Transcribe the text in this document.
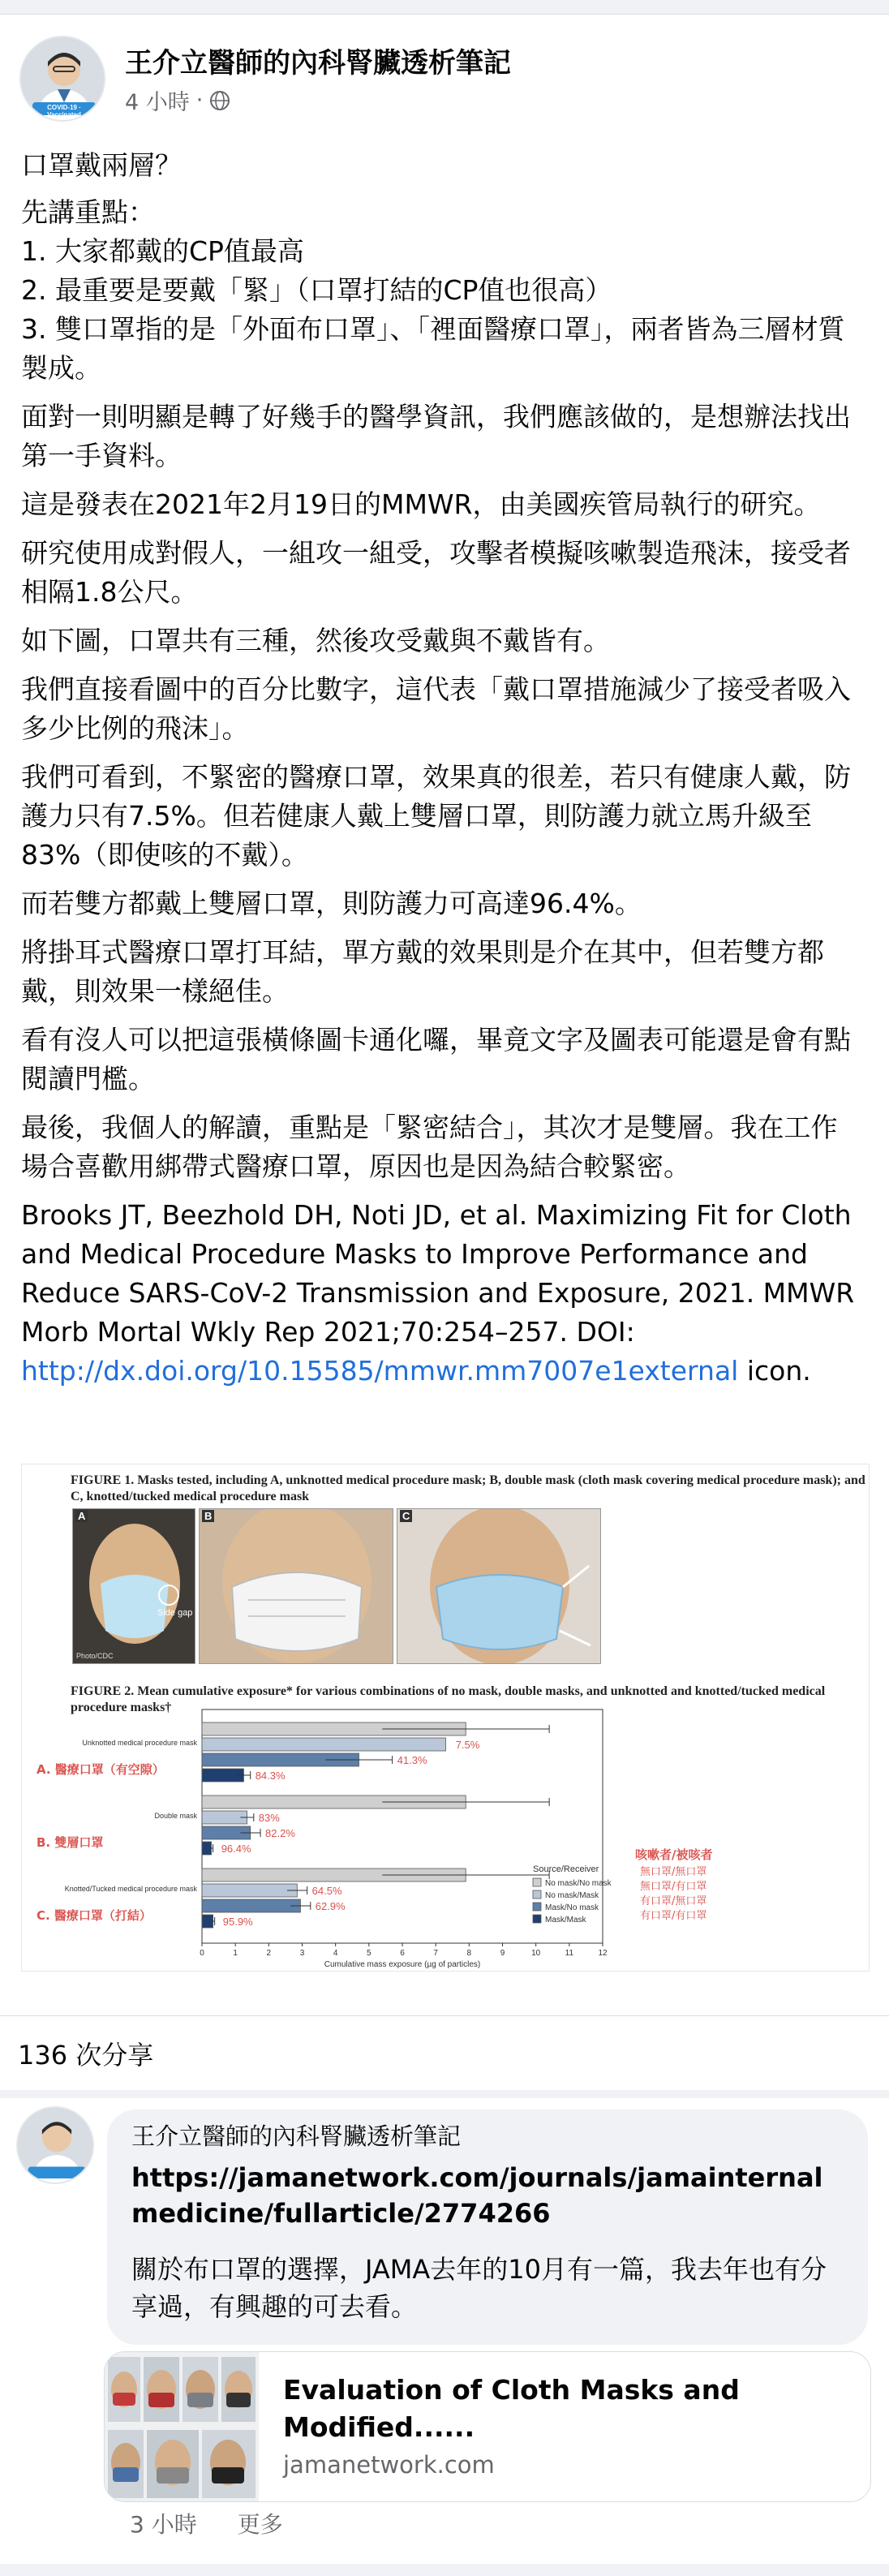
COVID-19 · Vaccinated
王介立醫師的內科腎臟透析筆記
4 小時 ·

口罩戴兩層？

先講重點：
1. 大家都戴的CP值最高
2. 最重要是要戴「緊」（口罩打結的CP值也很高）
3. 雙口罩指的是「外面布口罩」、「裡面醫療口罩」，兩者皆為三層材質製成。

面對一則明顯是轉了好幾手的醫學資訊，我們應該做的，是想辦法找出第一手資料。

這是發表在2021年2月19日的MMWR，由美國疾管局執行的研究。

研究使用成對假人，一組攻一組受，攻擊者模擬咳嗽製造飛沫，接受者相隔1.8公尺。

如下圖，口罩共有三種，然後攻受戴與不戴皆有。

我們直接看圖中的百分比數字，這代表「戴口罩措施減少了接受者吸入多少比例的飛沫」。

我們可看到，不緊密的醫療口罩，效果真的很差，若只有健康人戴，防護力只有7.5%。但若健康人戴上雙層口罩，則防護力就立馬升級至83%（即使咳的不戴）。

而若雙方都戴上雙層口罩，則防護力可高達96.4%。

將掛耳式醫療口罩打耳結，單方戴的效果則是介在其中，但若雙方都戴，則效果一樣絕佳。

看有沒人可以把這張橫條圖卡通化囉，畢竟文字及圖表可能還是會有點閱讀門檻。

最後，我個人的解讀，重點是「緊密結合」，其次才是雙層。我在工作場合喜歡用綁帶式醫療口罩，原因也是因為結合較緊密。

Brooks JT, Beezhold DH, Noti JD, et al. Maximizing Fit for Cloth and Medical Procedure Masks to Improve Performance and Reduce SARS-CoV-2 Transmission and Exposure, 2021. MMWR Morb Mortal Wkly Rep 2021;70:254–257. DOI: http://dx.doi.org/10.15585/mmwr.mm7007e1external icon.

FIGURE 1. Masks tested, including A, unknotted medical procedure mask; B, double mask (cloth mask covering medical procedure mask); and C, knotted/tucked medical procedure mask
A
Side gap
Photo/CDC
B	C
FIGURE 2. Mean cumulative exposure* for various combinations of no mask, double masks, and unknotted and knotted/tucked medical procedure masks†
0	1	2	3	4	5	6	7	8	9	10	11	12
Cumulative mass exposure (µg of particles)
Unknotted medical procedure mask
A. 醫療口罩（有空隙）
7.5%
41.3%
84.3%
Double mask
B. 雙層口罩
83%
82.2%
96.4%
Knotted/Tucked medical procedure mask
C. 醫療口罩（打結）
64.5%
62.9%
95.9%
Source/Receiver
No mask/No mask
No mask/Mask
Mask/No mask
Mask/Mask
咳嗽者/被咳者
無口罩/無口罩
無口罩/有口罩
有口罩/無口罩
有口罩/有口罩
136 次分享
王介立醫師的內科腎臟透析筆記
https://jamanetwork.com/journals/jamainternalmedicine/fullarticle/2774266
關於布口罩的選擇，JAMA去年的10月有一篇，我去年也有分享過，有興趣的可去看。
Evaluation of Cloth Masks and Modified......
jamanetwork.com
3 小時 更多
